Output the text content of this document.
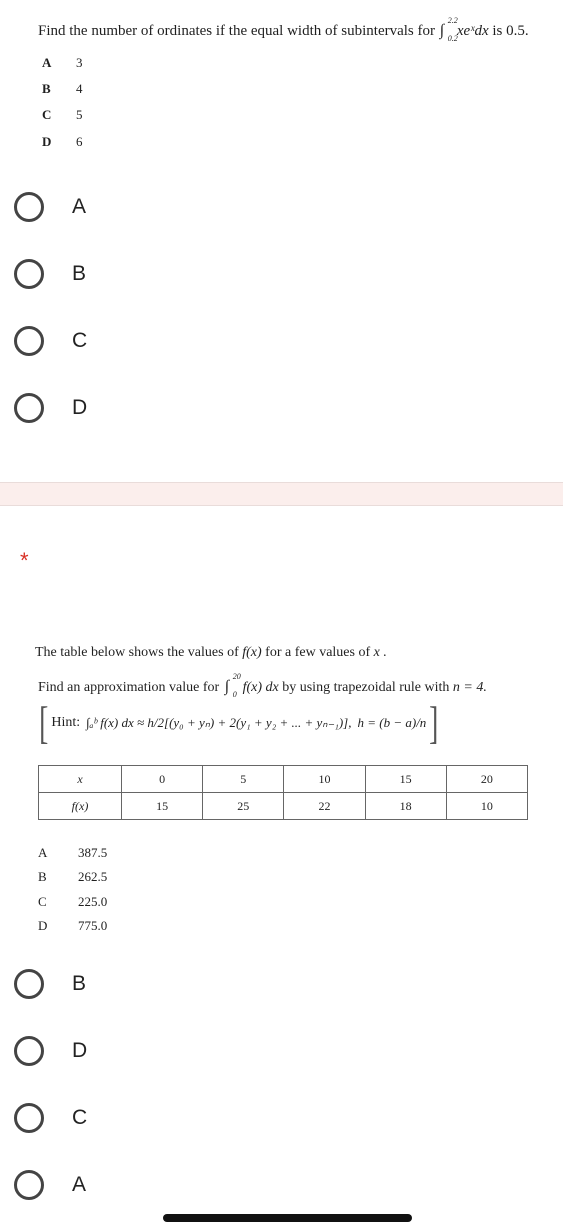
Find the number of ordinates if the equal width of subintervals for ∫
2.2
0.2 xeˣdx is 0.5.
A	3
B	4
C	5
D	6
A
B
C
D
*
The table below shows the values of f(x) for a few values of x .
Find an approximation value for ∫
20
0 f(x) dx by using trapezoidal rule with n = 4.
[ Hint: ∫ₐᵇ f(x) dx ≈ h/2[(y₀ + yₙ) + 2(y₁ + y₂ + ... + yₙ₋₁)], h = (b − a)/n ]
x	0	5	10	15	20
f(x)	15	25	22	18	10
A	387.5
B	262.5
C	225.0
D	775.0
B
D
C
A
